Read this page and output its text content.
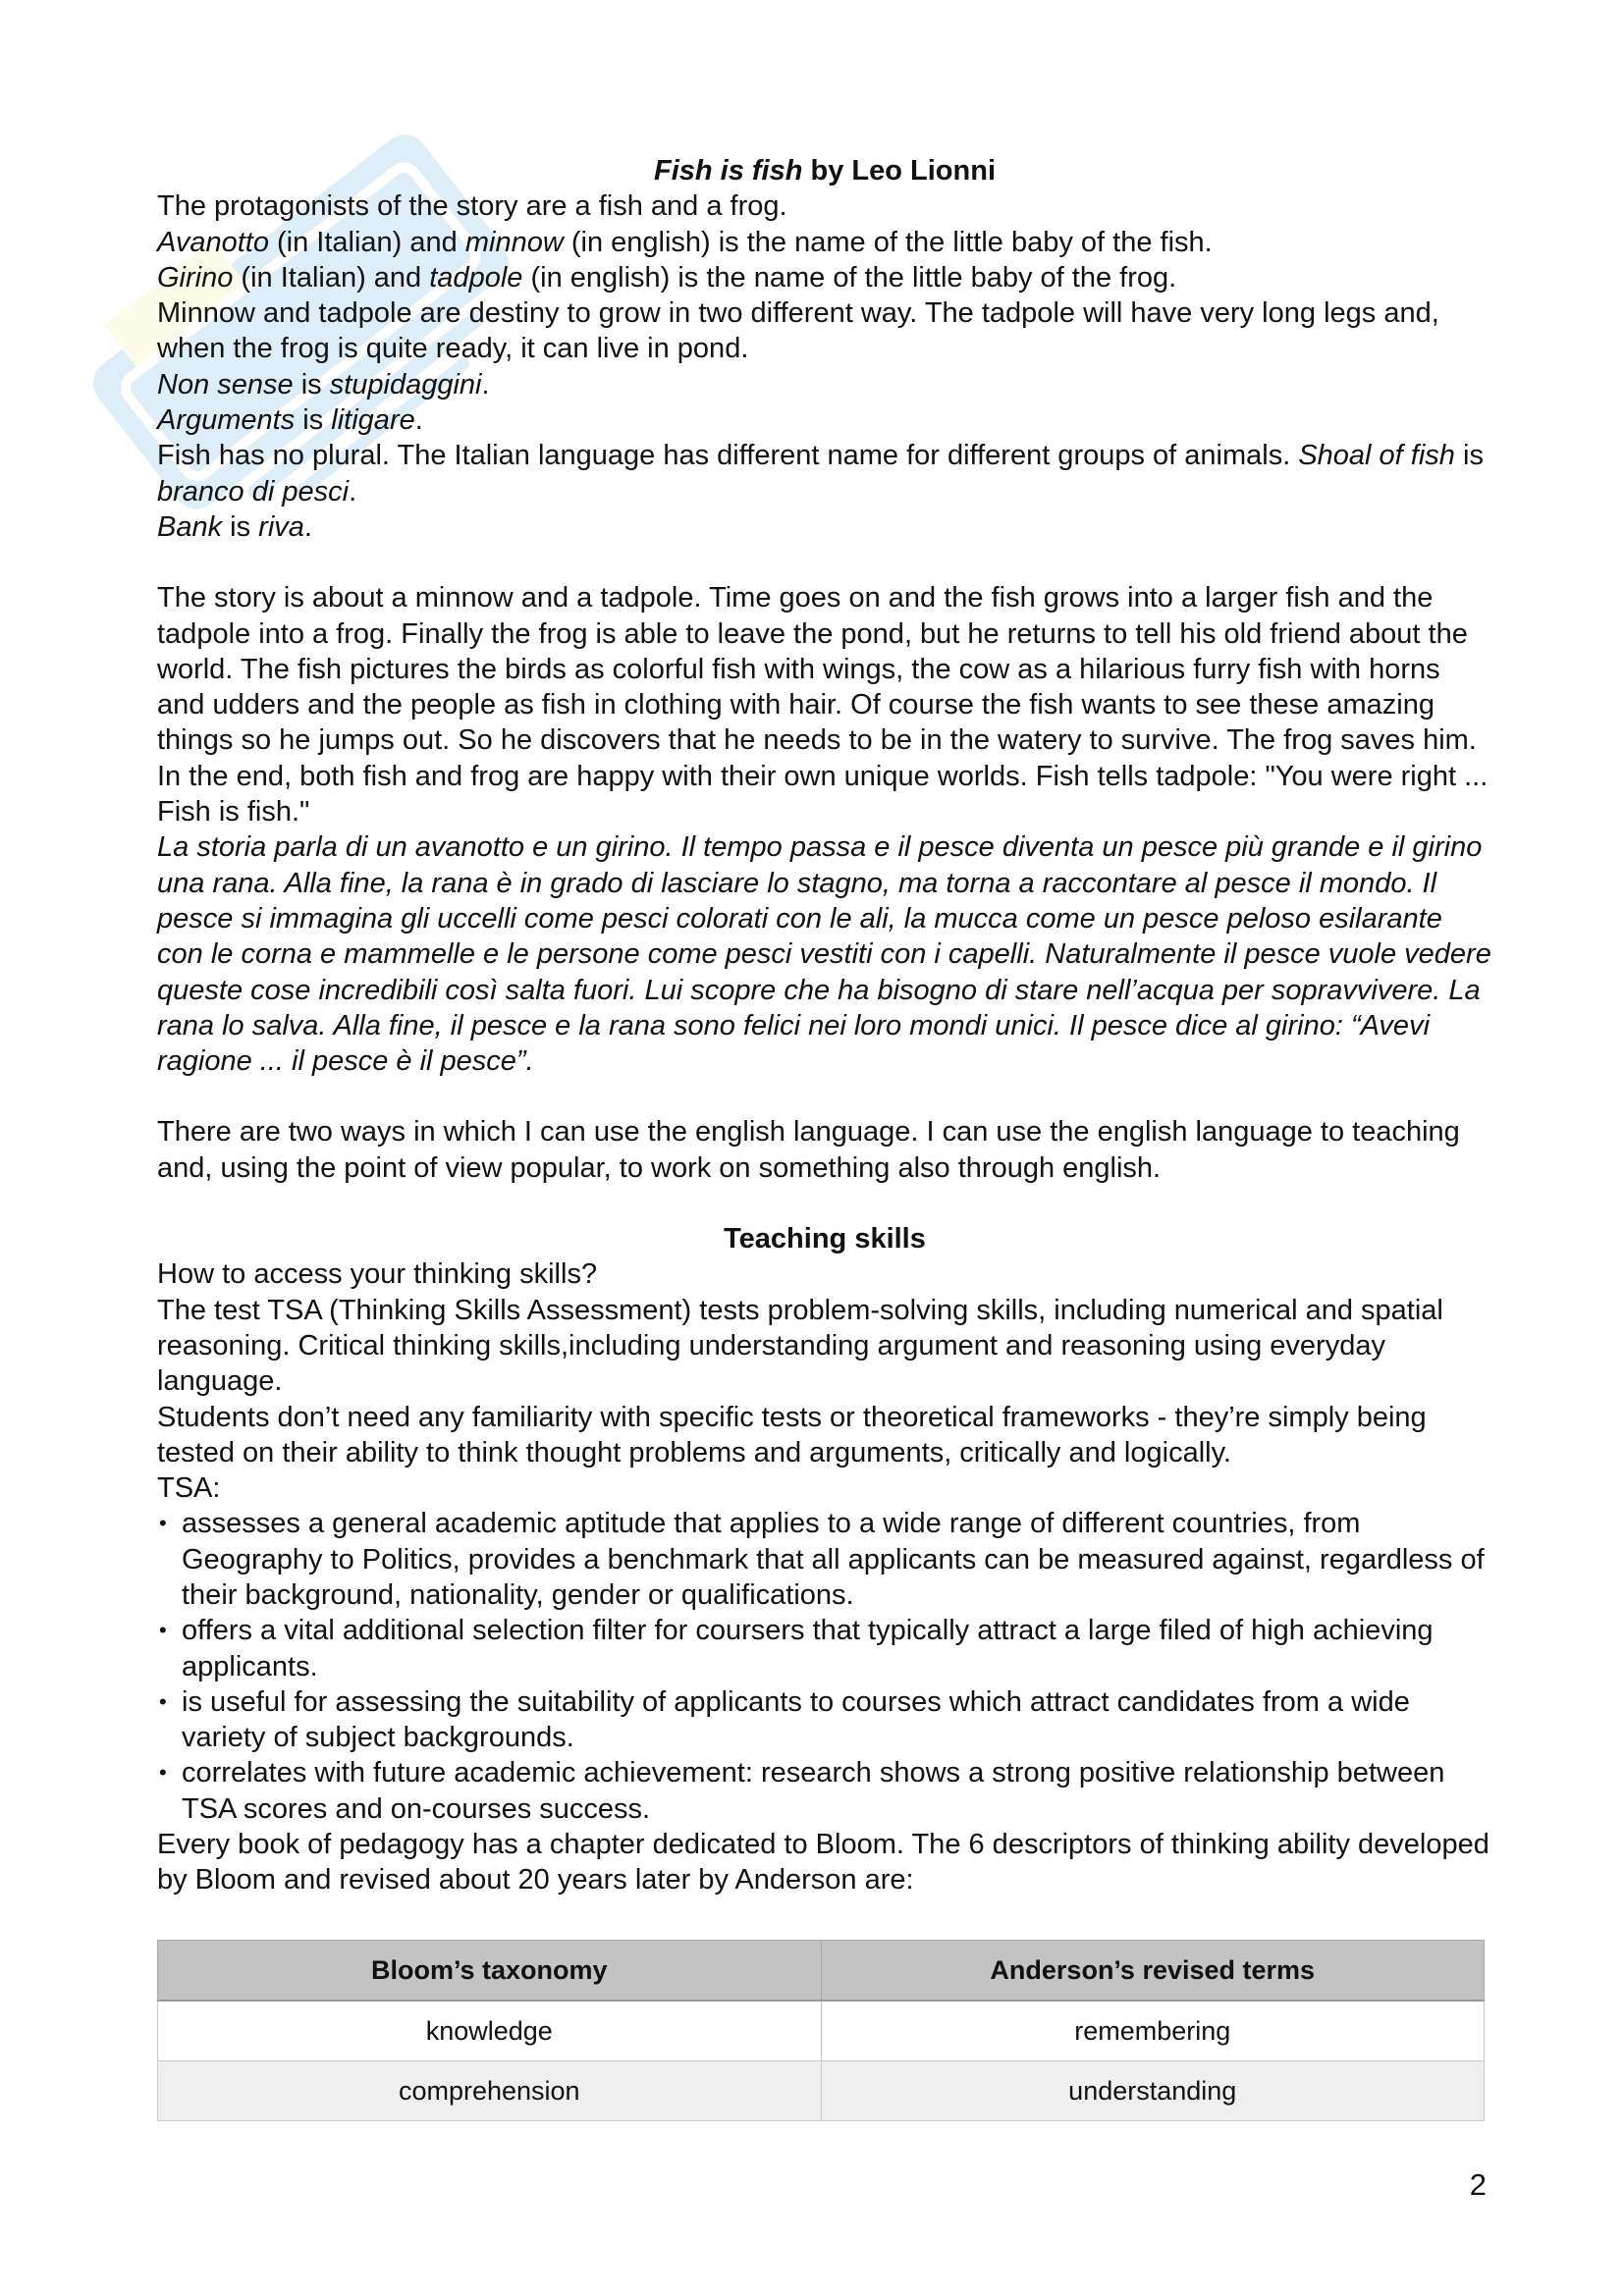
Fish is fish by Leo Lionni

The protagonists of the story are a fish and a frog.

Avanotto (in Italian) and minnow (in english) is the name of the little baby of the fish.

Girino (in Italian) and tadpole (in english) is the name of the little baby of the frog.

Minnow and tadpole are destiny to grow in two different way. The tadpole will have very long legs and, when the frog is quite ready, it can live in pond.

Non sense is stupidaggini.

Arguments is litigare.

Fish has no plural. The Italian language has different name for different groups of animals. Shoal of fish is branco di pesci.

Bank is riva.

The story is about a minnow and a tadpole. Time goes on and the fish grows into a larger fish and the tadpole into a frog. Finally the frog is able to leave the pond, but he returns to tell his old friend about the world. The fish pictures the birds as colorful fish with wings, the cow as a hilarious furry fish with horns and udders and the people as fish in clothing with hair. Of course the fish wants to see these amazing things so he jumps out. So he discovers that he needs to be in the watery to survive. The frog saves him. In the end, both fish and frog are happy with their own unique worlds. Fish tells tadpole: "You were right ... Fish is fish."

La storia parla di un avanotto e un girino. Il tempo passa e il pesce diventa un pesce più grande e il girino una rana. Alla fine, la rana è in grado di lasciare lo stagno, ma torna a raccontare al pesce il mondo. Il pesce si immagina gli uccelli come pesci colorati con le ali, la mucca come un pesce peloso esilarante con le corna e mammelle e le persone come pesci vestiti con i capelli. Naturalmente il pesce vuole vedere queste cose incredibili così salta fuori. Lui scopre che ha bisogno di stare nell’acqua per sopravvivere. La rana lo salva. Alla fine, il pesce e la rana sono felici nei loro mondi unici. Il pesce dice al girino: “Avevi ragione ... il pesce è il pesce”.

There are two ways in which I can use the english language. I can use the english language to teaching and, using the point of view popular, to work on something also through english.

Teaching skills

How to access your thinking skills?

The test TSA (Thinking Skills Assessment) tests problem-solving skills, including numerical and spatial reasoning. Critical thinking skills,including understanding argument and reasoning using everyday language.

Students don’t need any familiarity with specific tests or theoretical frameworks - they’re simply being tested on their ability to think thought problems and arguments, critically and logically.

TSA:

• assesses a general academic aptitude that applies to a wide range of different countries, from Geography to Politics, provides a benchmark that all applicants can be measured against, regardless of their background, nationality, gender or qualifications.
• offers a vital additional selection filter for coursers that typically attract a large filed of high achieving applicants.
• is useful for assessing the suitability of applicants to courses which attract candidates from a wide variety of subject backgrounds.
• correlates with future academic achievement: research shows a strong positive relationship between TSA scores and on-courses success.

Every book of pedagogy has a chapter dedicated to Bloom. The 6 descriptors of thinking ability developed by Bloom and revised about 20 years later by Anderson are:

Bloom’s taxonomy	Anderson’s revised terms
knowledge	remembering
comprehension	understanding
2
